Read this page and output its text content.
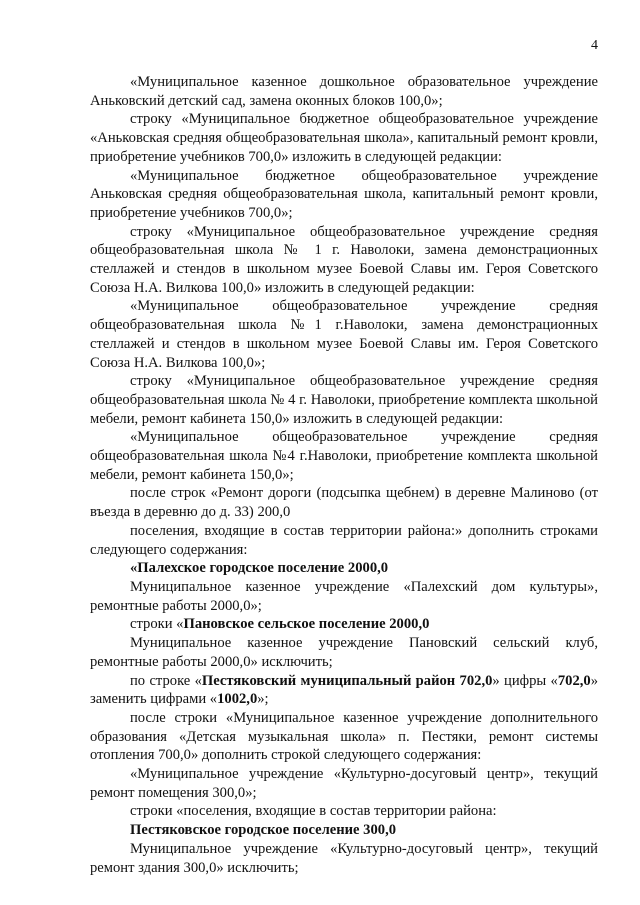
4

«Муниципальное казенное дошкольное образовательное учреждение Аньковский детский сад, замена оконных блоков 100,0»;

строку «Муниципальное бюджетное общеобразовательное учреждение «Аньковская средняя общеобразовательная школа», капитальный ремонт кровли, приобретение учебников 700,0» изложить в следующей редакции:

«Муниципальное бюджетное общеобразовательное учреждение Аньковская средняя общеобразовательная школа, капитальный ремонт кровли, приобретение учебников 700,0»;

строку «Муниципальное общеобразовательное учреждение средняя общеобразовательная школа № 1 г. Наволоки, замена демонстрационных стеллажей и стендов в школьном музее Боевой Славы им. Героя Советского Союза Н.А. Вилкова 100,0» изложить в следующей редакции:

«Муниципальное общеобразовательное учреждение средняя общеобразовательная школа №1 г.Наволоки, замена демонстрационных стеллажей и стендов в школьном музее Боевой Славы им. Героя Советского Союза Н.А. Вилкова 100,0»;

строку «Муниципальное общеобразовательное учреждение средняя общеобразовательная школа № 4 г. Наволоки, приобретение комплекта школьной мебели, ремонт кабинета 150,0» изложить в следующей редакции:

«Муниципальное общеобразовательное учреждение средняя общеобразовательная школа №4 г.Наволоки, приобретение комплекта школьной мебели, ремонт кабинета 150,0»;

после строк «Ремонт дороги (подсыпка щебнем) в деревне Малиново (от въезда в деревню до д. 33) 200,0

поселения, входящие в состав территории района:» дополнить строками следующего содержания:

«Палехское городское поселение 2000,0

Муниципальное казенное учреждение «Палехский дом культуры», ремонтные работы 2000,0»;

строки «Пановское сельское поселение 2000,0

Муниципальное казенное учреждение Пановский сельский клуб, ремонтные работы 2000,0» исключить;

по строке «Пестяковский муниципальный район 702,0» цифры «702,0» заменить цифрами «1002,0»;

после строки «Муниципальное казенное учреждение дополнительного образования «Детская музыкальная школа» п. Пестяки, ремонт системы отопления 700,0» дополнить строкой следующего содержания:

«Муниципальное учреждение «Культурно-досуговый центр», текущий ремонт помещения 300,0»;

строки «поселения, входящие в состав территории района:

Пестяковское городское поселение 300,0

Муниципальное учреждение «Культурно-досуговый центр», текущий ремонт здания 300,0» исключить;
